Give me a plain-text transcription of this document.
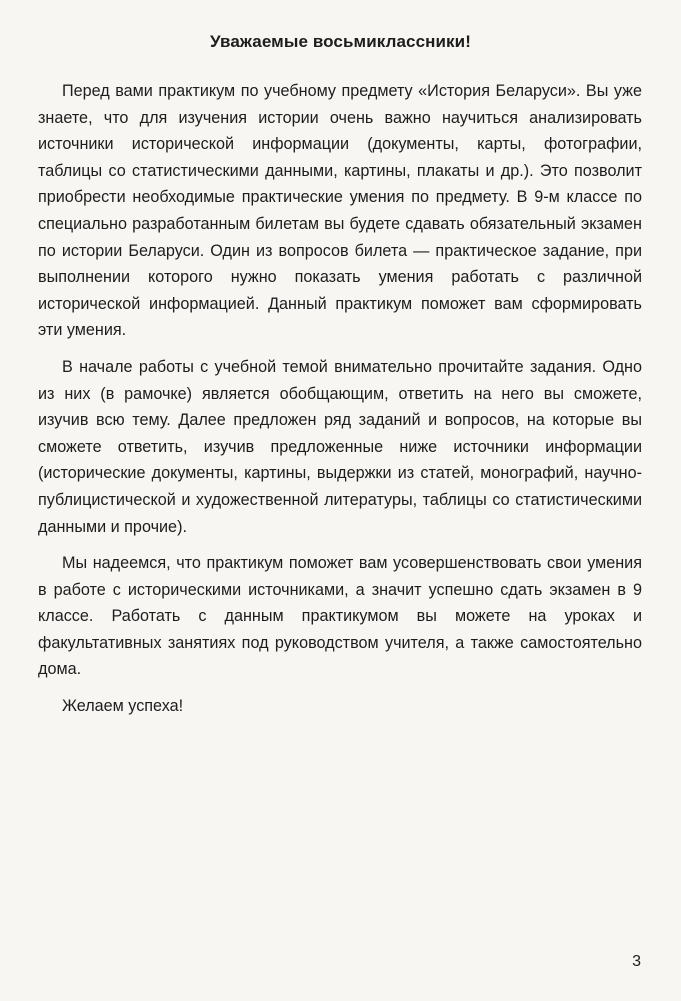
Уважаемые восьмиклассники!

Перед вами практикум по учебному предмету «История Беларуси». Вы уже знаете, что для изучения истории очень важно научиться анализировать источники исторической информации (документы, карты, фотографии, таблицы со статистическими данными, картины, плакаты и др.). Это позволит приобрести необходимые практические умения по предмету. В 9-м классе по специально разработанным билетам вы будете сдавать обязательный экзамен по истории Беларуси. Один из вопросов билета — практическое задание, при выполнении которого нужно показать умения работать с различной исторической информацией. Данный практикум поможет вам сформировать эти умения.

В начале работы с учебной темой внимательно прочитайте задания. Одно из них (в рамочке) является обобщающим, ответить на него вы сможете, изучив всю тему. Далее предложен ряд заданий и вопросов, на которые вы сможете ответить, изучив предложенные ниже источники информации (исторические документы, картины, выдержки из статей, монографий, научно-публицистической и художественной литературы, таблицы со статистическими данными и прочие).

Мы надеемся, что практикум поможет вам усовершенствовать свои умения в работе с историческими источниками, а значит успешно сдать экзамен в 9 классе. Работать с данным практикумом вы можете на уроках и факультативных занятиях под руководством учителя, а также самостоятельно дома.

Желаем успеха!

3
